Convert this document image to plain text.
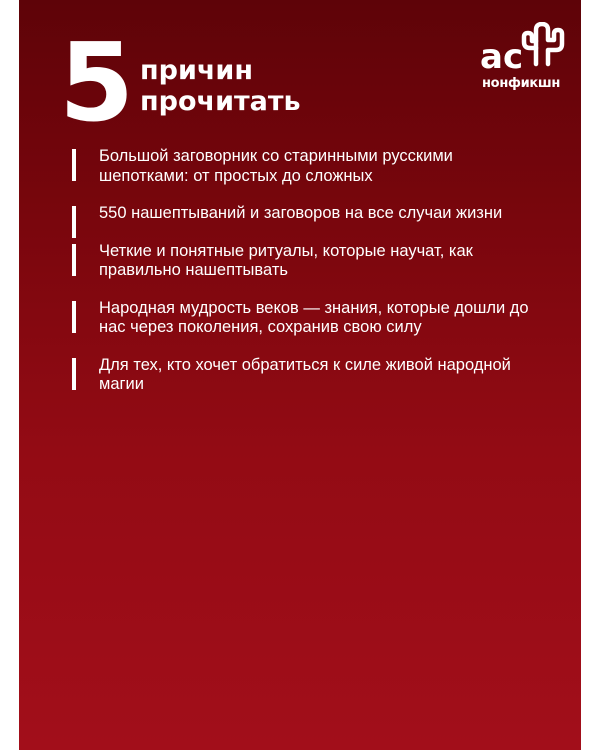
5 причин
прочитать
ac
нонфикшн
Большой заговорник со старинными русскими шепотками: от простых до сложных
550 нашептываний и заговоров на все случаи жизни
Четкие и понятные ритуалы, которые научат, как правильно нашептывать
Народная мудрость веков — знания, которые дошли до нас через поколения, сохранив свою силу
Для тех, кто хочет обратиться к силе живой народной магии
